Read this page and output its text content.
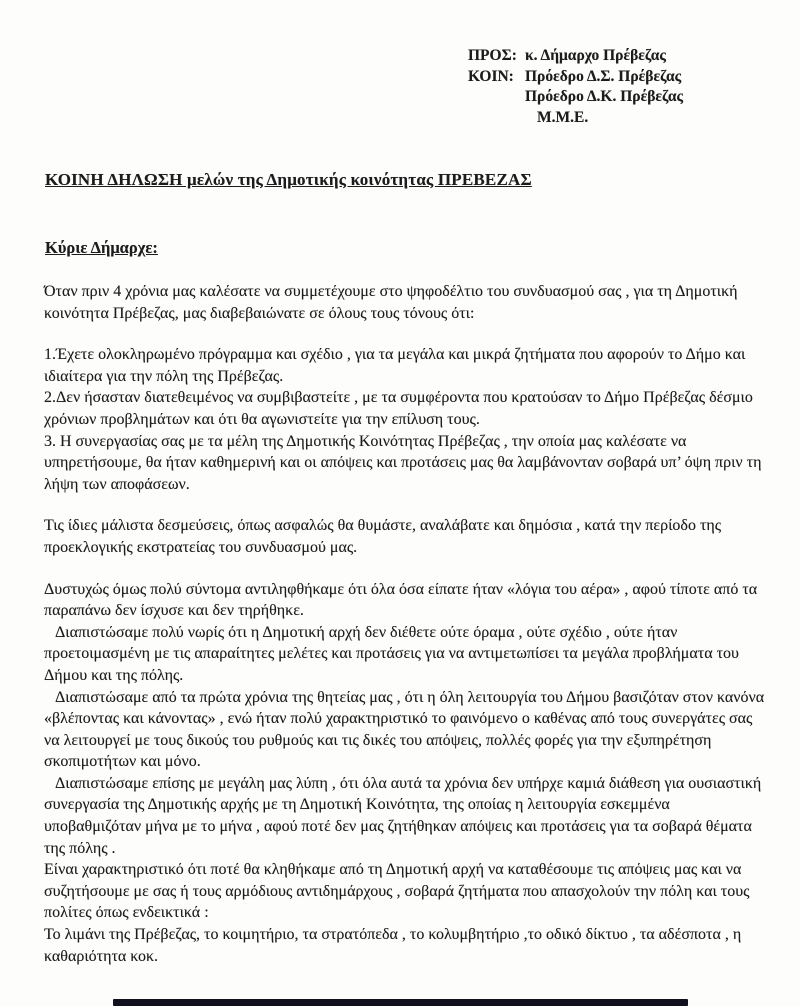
ΠΡΟΣ: κ. Δήμαρχο Πρέβεζας
ΚΟΙΝ: Πρόεδρο Δ.Σ. Πρέβεζας
Πρόεδρο Δ.Κ. Πρέβεζας
Μ.Μ.Ε.
ΚΟΙΝΗ ΔΗΛΩΣΗ μελών της Δημοτικής κοινότητας ΠΡΕΒΕΖΑΣ
Κύριε Δήμαρχε:

Όταν πριν 4 χρόνια μας καλέσατε να συμμετέχουμε στο ψηφοδέλτιο του συνδυασμού σας , για τη Δημοτική κοινότητα Πρέβεζας, μας διαβεβαιώνατε σε όλους τους τόνους ότι:

1.Έχετε ολοκληρωμένο πρόγραμμα και σχέδιο , για τα μεγάλα και μικρά ζητήματα που αφορούν το Δήμο και ιδιαίτερα για την πόλη της Πρέβεζας.

2.Δεν ήσασταν διατεθειμένος να συμβιβαστείτε , με τα συμφέροντα που κρατούσαν το Δήμο Πρέβεζας δέσμιο χρόνιων προβλημάτων και ότι θα αγωνιστείτε για την επίλυση τους.

3. Η συνεργασίας σας με τα μέλη της Δημοτικής Κοινότητας Πρέβεζας , την οποία μας καλέσατε να υπηρετήσουμε, θα ήταν καθημερινή και οι απόψεις και προτάσεις μας θα λαμβάνονταν σοβαρά υπ’ όψη πριν τη λήψη των αποφάσεων.

Τις ίδιες μάλιστα δεσμεύσεις, όπως ασφαλώς θα θυμάστε, αναλάβατε και δημόσια , κατά την περίοδο της προεκλογικής εκστρατείας του συνδυασμού μας.

Δυστυχώς όμως πολύ σύντομα αντιληφθήκαμε ότι όλα όσα είπατε ήταν «λόγια του αέρα» , αφού τίποτε από τα παραπάνω δεν ίσχυσε και δεν τηρήθηκε.

Διαπιστώσαμε πολύ νωρίς ότι η Δημοτική αρχή δεν διέθετε ούτε όραμα , ούτε σχέδιο , ούτε ήταν προετοιμασμένη με τις απαραίτητες μελέτες και προτάσεις για να αντιμετωπίσει τα μεγάλα προβλήματα του Δήμου και της πόλης.

Διαπιστώσαμε από τα πρώτα χρόνια της θητείας μας , ότι η όλη λειτουργία του Δήμου βασιζόταν στον κανόνα «βλέποντας και κάνοντας» , ενώ ήταν πολύ χαρακτηριστικό το φαινόμενο ο καθένας από τους συνεργάτες σας να λειτουργεί με τους δικούς του ρυθμούς και τις δικές του απόψεις, πολλές φορές για την εξυπηρέτηση σκοπιμοτήτων και μόνο.

Διαπιστώσαμε επίσης με μεγάλη μας λύπη , ότι όλα αυτά τα χρόνια δεν υπήρχε καμιά διάθεση για ουσιαστική συνεργασία της Δημοτικής αρχής με τη Δημοτική Κοινότητα, της οποίας η λειτουργία εσκεμμένα υποβαθμιζόταν μήνα με το μήνα , αφού ποτέ δεν μας ζητήθηκαν απόψεις και προτάσεις για τα σοβαρά θέματα της πόλης .

Είναι χαρακτηριστικό ότι ποτέ θα κληθήκαμε από τη Δημοτική αρχή να καταθέσουμε τις απόψεις μας και να συζητήσουμε με σας ή τους αρμόδιους αντιδημάρχους , σοβαρά ζητήματα που απασχολούν την πόλη και τους πολίτες όπως ενδεικτικά :

Το λιμάνι της Πρέβεζας, το κοιμητήριο, τα στρατόπεδα , το κολυμβητήριο ,το οδικό δίκτυο , τα αδέσποτα , η καθαριότητα κοκ.
